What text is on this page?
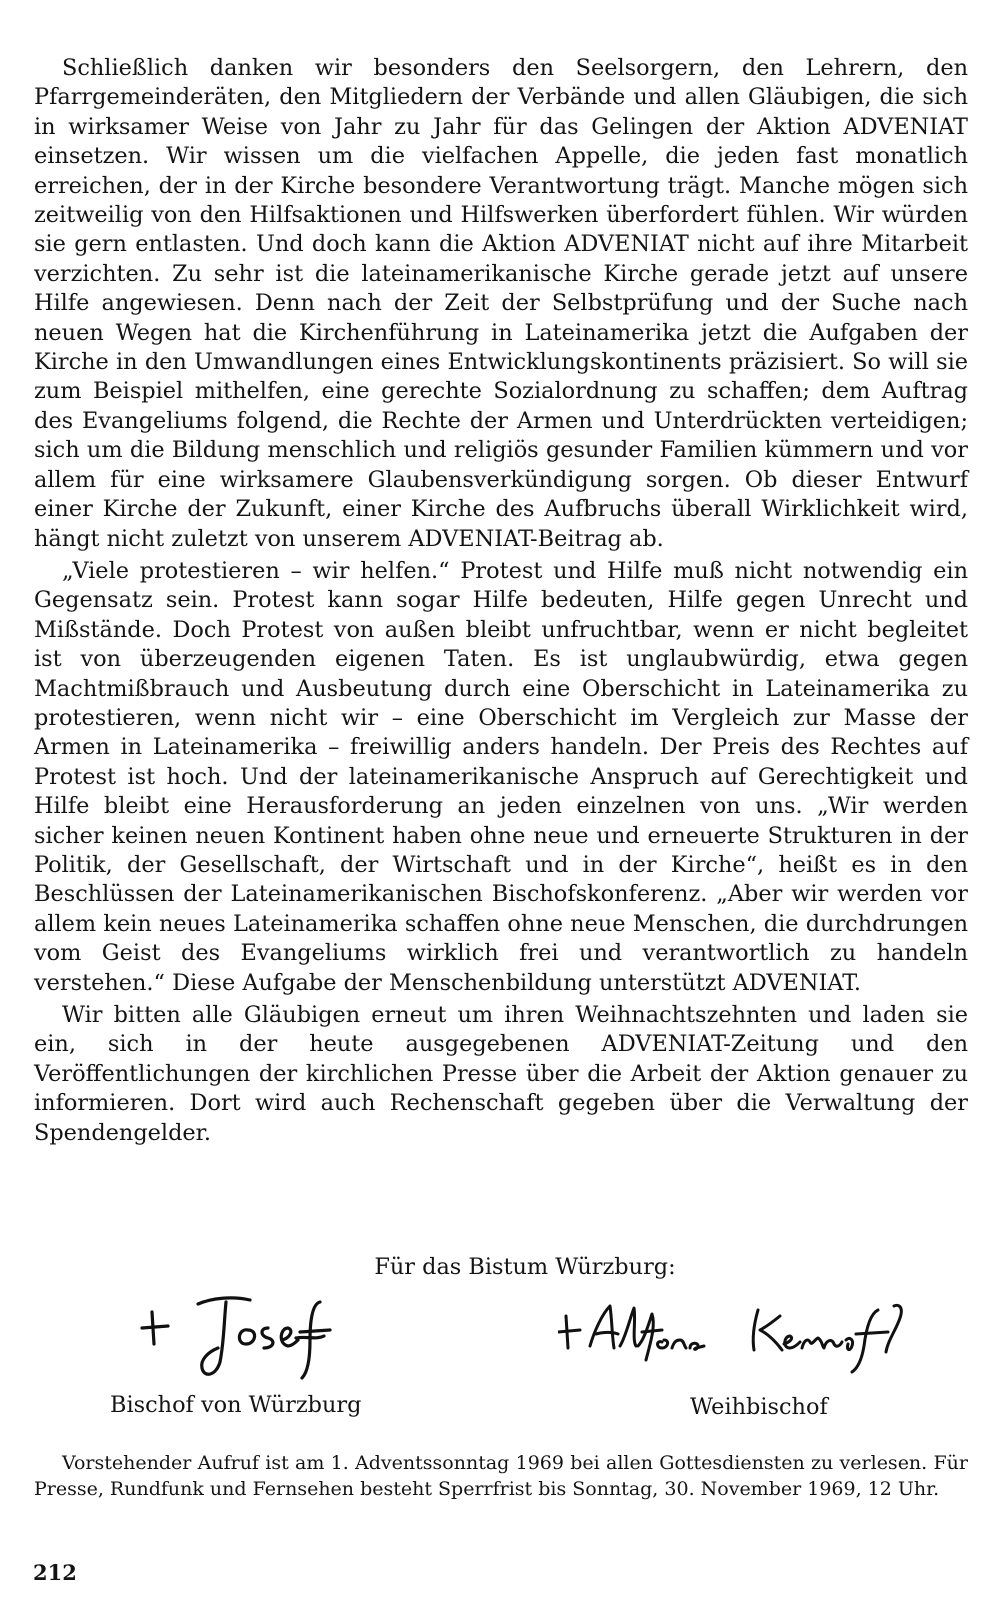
Schließlich danken wir besonders den Seelsorgern, den Lehrern, den Pfarrgemeinderäten, den Mitgliedern der Verbände und allen Gläubigen, die sich in wirksamer Weise von Jahr zu Jahr für das Gelingen der Aktion ADVENIAT einsetzen. Wir wissen um die vielfachen Appelle, die jeden fast monatlich erreichen, der in der Kirche besondere Verantwortung trägt. Manche mögen sich zeitweilig von den Hilfsaktionen und Hilfswerken überfordert fühlen. Wir würden sie gern entlasten. Und doch kann die Aktion ADVENIAT nicht auf ihre Mitarbeit verzichten. Zu sehr ist die lateinamerikanische Kirche gerade jetzt auf unsere Hilfe angewiesen. Denn nach der Zeit der Selbstprüfung und der Suche nach neuen Wegen hat die Kirchenführung in Lateinamerika jetzt die Aufgaben der Kirche in den Umwandlungen eines Entwicklungskontinents präzisiert. So will sie zum Beispiel mithelfen, eine gerechte Sozialordnung zu schaffen; dem Auftrag des Evangeliums folgend, die Rechte der Armen und Unterdrückten verteidigen; sich um die Bildung menschlich und religiös gesunder Familien kümmern und vor allem für eine wirksamere Glaubensverkündigung sorgen. Ob dieser Entwurf einer Kirche der Zukunft, einer Kirche des Aufbruchs überall Wirklichkeit wird, hängt nicht zuletzt von unserem ADVENIAT-Beitrag ab.

„Viele protestieren – wir helfen.“ Protest und Hilfe muß nicht notwendig ein Gegensatz sein. Protest kann sogar Hilfe bedeuten, Hilfe gegen Unrecht und Mißstände. Doch Protest von außen bleibt unfruchtbar, wenn er nicht begleitet ist von überzeugenden eigenen Taten. Es ist unglaubwürdig, etwa gegen Machtmißbrauch und Ausbeutung durch eine Oberschicht in Lateinamerika zu protestieren, wenn nicht wir – eine Oberschicht im Vergleich zur Masse der Armen in Lateinamerika – freiwillig anders handeln. Der Preis des Rechtes auf Protest ist hoch. Und der lateinamerikanische Anspruch auf Gerechtigkeit und Hilfe bleibt eine Herausforderung an jeden einzelnen von uns. „Wir werden sicher keinen neuen Kontinent haben ohne neue und erneuerte Strukturen in der Politik, der Gesellschaft, der Wirtschaft und in der Kirche“, heißt es in den Beschlüssen der Lateinamerikanischen Bischofskonferenz. „Aber wir werden vor allem kein neues Lateinamerika schaffen ohne neue Menschen, die durchdrungen vom Geist des Evangeliums wirklich frei und verantwortlich zu handeln verstehen.“ Diese Aufgabe der Menschenbildung unterstützt ADVENIAT.

Wir bitten alle Gläubigen erneut um ihren Weihnachtszehnten und laden sie ein, sich in der heute ausgegebenen ADVENIAT-Zeitung und den Veröffentlichungen der kirchlichen Presse über die Arbeit der Aktion genauer zu informieren. Dort wird auch Rechenschaft gegeben über die Verwaltung der Spendengelder.

Für das Bistum Würzburg:
Bischof von Würzburg	Weihbischof

Vorstehender Aufruf ist am 1. Adventssonntag 1969 bei allen Gottesdiensten zu verlesen. Für Presse, Rundfunk und Fernsehen besteht Sperrfrist bis Sonntag, 30. November 1969, 12 Uhr.

212
